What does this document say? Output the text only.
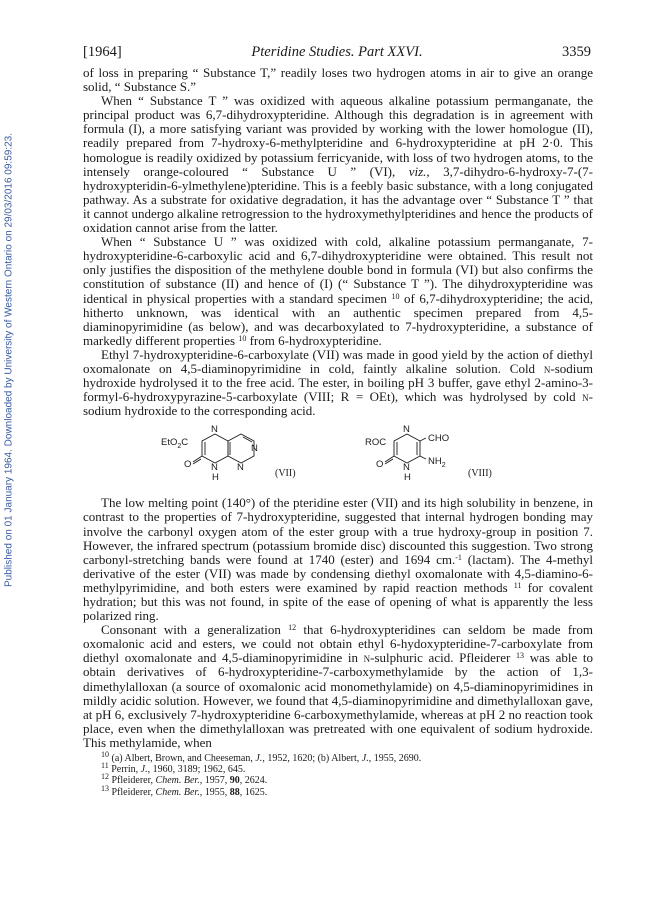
Published on 01 January 1964. Downloaded by University of Western Ontario on 29/03/2016 09:59:23.
[1964]	Pteridine Studies. Part XXVI.	3359

of loss in preparing “ Substance T,” readily loses two hydrogen atoms in air to give an orange solid, “ Substance S.”

When “ Substance T ” was oxidized with aqueous alkaline potassium permanganate, the principal product was 6,7-dihydroxypteridine. Although this degradation is in agreement with formula (I), a more satisfying variant was provided by working with the lower homologue (II), readily prepared from 7-hydroxy-6-methylpteridine and 6-hydroxypteridine at pH 2·0. This homologue is readily oxidized by potassium ferricyanide, with loss of two hydrogen atoms, to the intensely orange-coloured “ Substance U ” (VI), viz., 3,7-dihydro-6-hydroxy-7-(7-hydroxypteridin-6-ylmethylene)pteridine. This is a feebly basic substance, with a long conjugated pathway. As a substrate for oxidative degradation, it has the advantage over “ Substance T ” that it cannot undergo alkaline retrogression to the hydroxymethylpteridines and hence the products of oxidation cannot arise from the latter.

When “ Substance U ” was oxidized with cold, alkaline potassium permanganate, 7-hydroxypteridine-6-carboxylic acid and 6,7-dihydroxypteridine were obtained. This result not only justifies the disposition of the methylene double bond in formula (VI) but also confirms the constitution of substance (II) and hence of (I) (“ Substance T ”). The dihydroxypteridine was identical in physical properties with a standard specimen $^{10}$ of 6,7-dihydroxypteridine; the acid, hitherto unknown, was identical with an authentic specimen prepared from 4,5-diaminopyrimidine (as below), and was decarboxylated to 7-hydroxypteridine, a substance of markedly different properties $^{10}$ from 6-hydroxypteridine.

Ethyl 7-hydroxypteridine-6-carboxylate (VII) was made in good yield by the action of diethyl oxomalonate on 4,5-diaminopyrimidine in cold, faintly alkaline solution. Cold n-sodium hydroxide hydrolysed it to the free acid. The ester, in boiling pH 3 buffer, gave ethyl 2-amino-3-formyl-6-hydroxypyrazine-5-carboxylate (VIII; R = OEt), which was hydrolysed by cold n-sodium hydroxide to the corresponding acid.

EtO$_2$C
N
N
N
N
H
O
(VII)
ROC	CHO
$NH_2$
N
N
H
O
(VIII)

The low melting point (140°) of the pteridine ester (VII) and its high solubility in benzene, in contrast to the properties of 7-hydroxypteridine, suggested that internal hydrogen bonding may involve the carbonyl oxygen atom of the ester group with a true hydroxy-group in position 7. However, the infrared spectrum (potassium bromide disc) discounted this suggestion. Two strong carbonyl-stretching bands were found at 1740 (ester) and 1694 cm.$^{-1}$ (lactam). The 4-methyl derivative of the ester (VII) was made by condensing diethyl oxomalonate with 4,5-diamino-6-methylpyrimidine, and both esters were examined by rapid reaction methods $^{11}$ for covalent hydration; but this was not found, in spite of the ease of opening of what is apparently the less polarized ring.

Consonant with a generalization $^{12}$ that 6-hydroxypteridines can seldom be made from oxomalonic acid and esters, we could not obtain ethyl 6-hydoxypteridine-7-carboxylate from diethyl oxomalonate and 4,5-diaminopyrimidine in n-sulphuric acid. Pfleiderer $^{13}$ was able to obtain derivatives of 6-hydroxypteridine-7-carboxymethylamide by the action of 1,3-dimethylalloxan (a source of oxomalonic acid monomethylamide) on 4,5-diaminopyrimidines in mildly acidic solution. However, we found that 4,5-diaminopyrimidine and dimethylalloxan gave, at pH 6, exclusively 7-hydroxypteridine 6-carboxymethylamide, whereas at pH 2 no reaction took place, even when the dimethylalloxan was pretreated with one equivalent of sodium hydroxide. This methylamide, when

$^{10}$ (a) Albert, Brown, and Cheeseman, J., 1952, 1620; (b) Albert, J., 1955, 2690.
$^{11}$ Perrin, J., 1960, 3189; 1962, 645.
$^{12}$ Pfleiderer, Chem. Ber., 1957, 90, 2624.
$^{13}$ Pfleiderer, Chem. Ber., 1955, 88, 1625.
